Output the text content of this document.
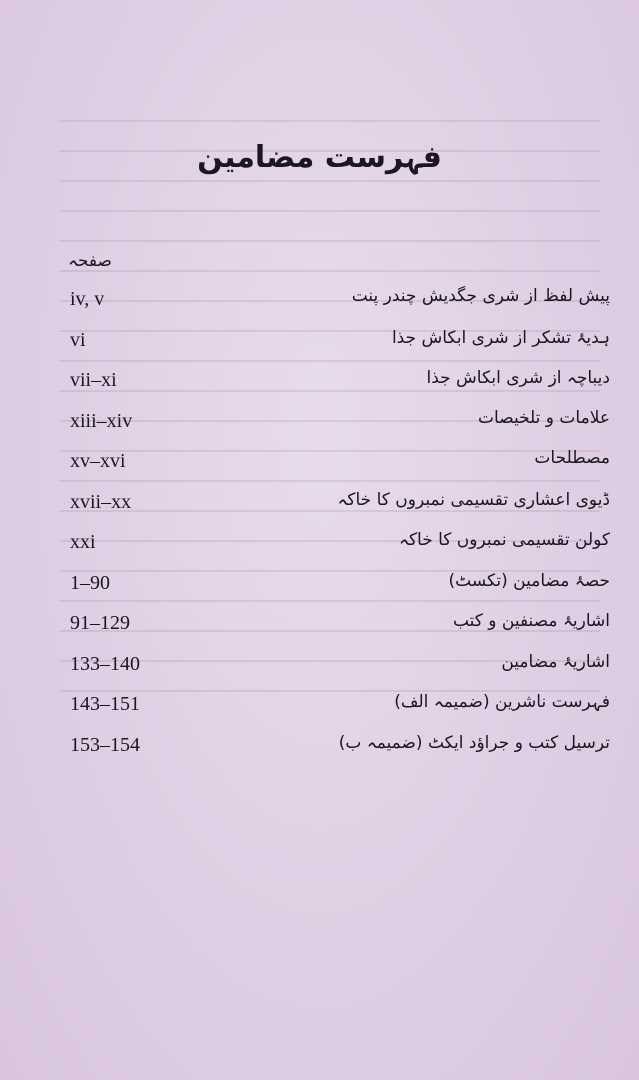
فہرست مضامین
صفحہ
iv, v	پیش لفظ از شری جگدیش چندر پنت
vi	ہدیۂ تشکر از شری ابکاش جذا
vii–xi	دیباچہ از شری ابکاش جذا
xiii–xiv	علامات و تلخیصات
xv–xvi	مصطلحات
xvii–xx	ڈیوی اعشاری تقسیمی نمبروں کا خاکہ
xxi	کولن تقسیمی نمبروں کا خاکہ
1–90	حصۂ مضامین (تکسٹ)
91–129	اشاریۂ مصنفین و کتب
133–140	اشاریۂ مضامین
143–151	فہرست ناشرین (ضمیمہ الف)
153–154	ترسیل کتب و جراؤد ایکٹ (ضمیمہ ب)
